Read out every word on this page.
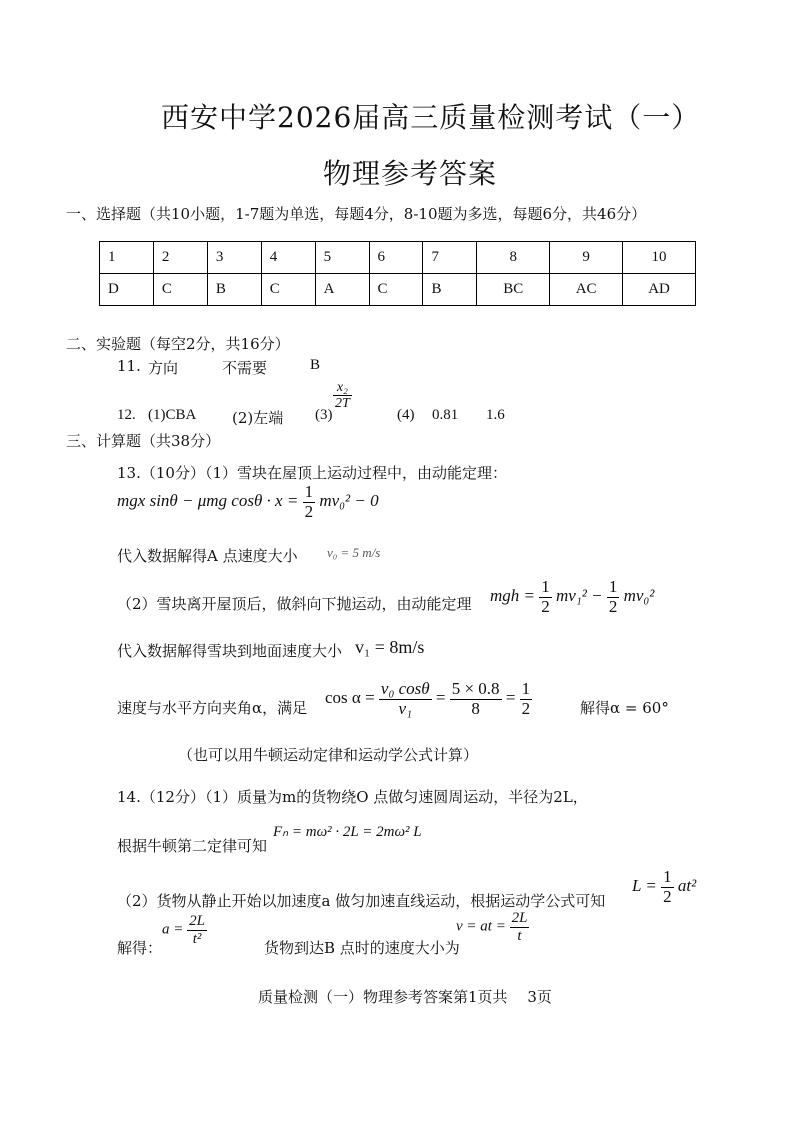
西安中学2026届高三质量检测考试（一）
物理参考答案
一、选择题（共10小题，1-7题为单选，每题4分，8-10题为多选，每题6分，共46分）
1	2	3	4	5	6	7	8	9	10
D	C	B	C	A	C	B	BC	AC	AD
二、实验题（每空2分，共16分）
11. 方向	不需要	B
12. (1)CBA (2)左端 (3)
$\frac{\text{x₂}}{2T}$
(4) 0.81 1.6
三、计算题（共38分）
13.（10分）（1）雪块在屋顶上运动过程中，由动能定理：
mgx sinθ − μmg $\cos\theta \cdot x = \frac{1}{2} mv_0^2 - 0$
代入数据解得A 点速度大小 v₀ = 5 m/s
（2）雪块离开屋顶后，做斜向下抛运动，由动能定理 mgh = $\frac{1}{2} mv_1^2 - \frac{1}{2} mv_0^2$
代入数据解得雪块到地面速度大小 v₁ = 8m/s
速度与水平方向夹角α，满足
$\cos \alpha = \frac{\text{v₀ cosθ}}{\text{v₁}} = \frac{5 \times 0.8}{8} = \frac{1}{2}$	解得α = 60°
（也可以用牛顿运动定律和运动学公式计算）
14.（12分）（1）质量为m的货物绕O 点做匀速圆周运动，半径为2L，
根据牛顿第二定律可知
Fₙ = mω² · 2L = 2mω² L
（2）货物从静止开始以加速度a 做匀加速直线运动，根据运动学公式可知
$L = \frac{1}{2} at^2$
解得：
$a = \frac{2L}{\text{t²}}$
货物到达B 点时的速度大小为
v = at = $\frac{2L}{t}$
质量检测（一）物理参考答案第1页共　 3页
